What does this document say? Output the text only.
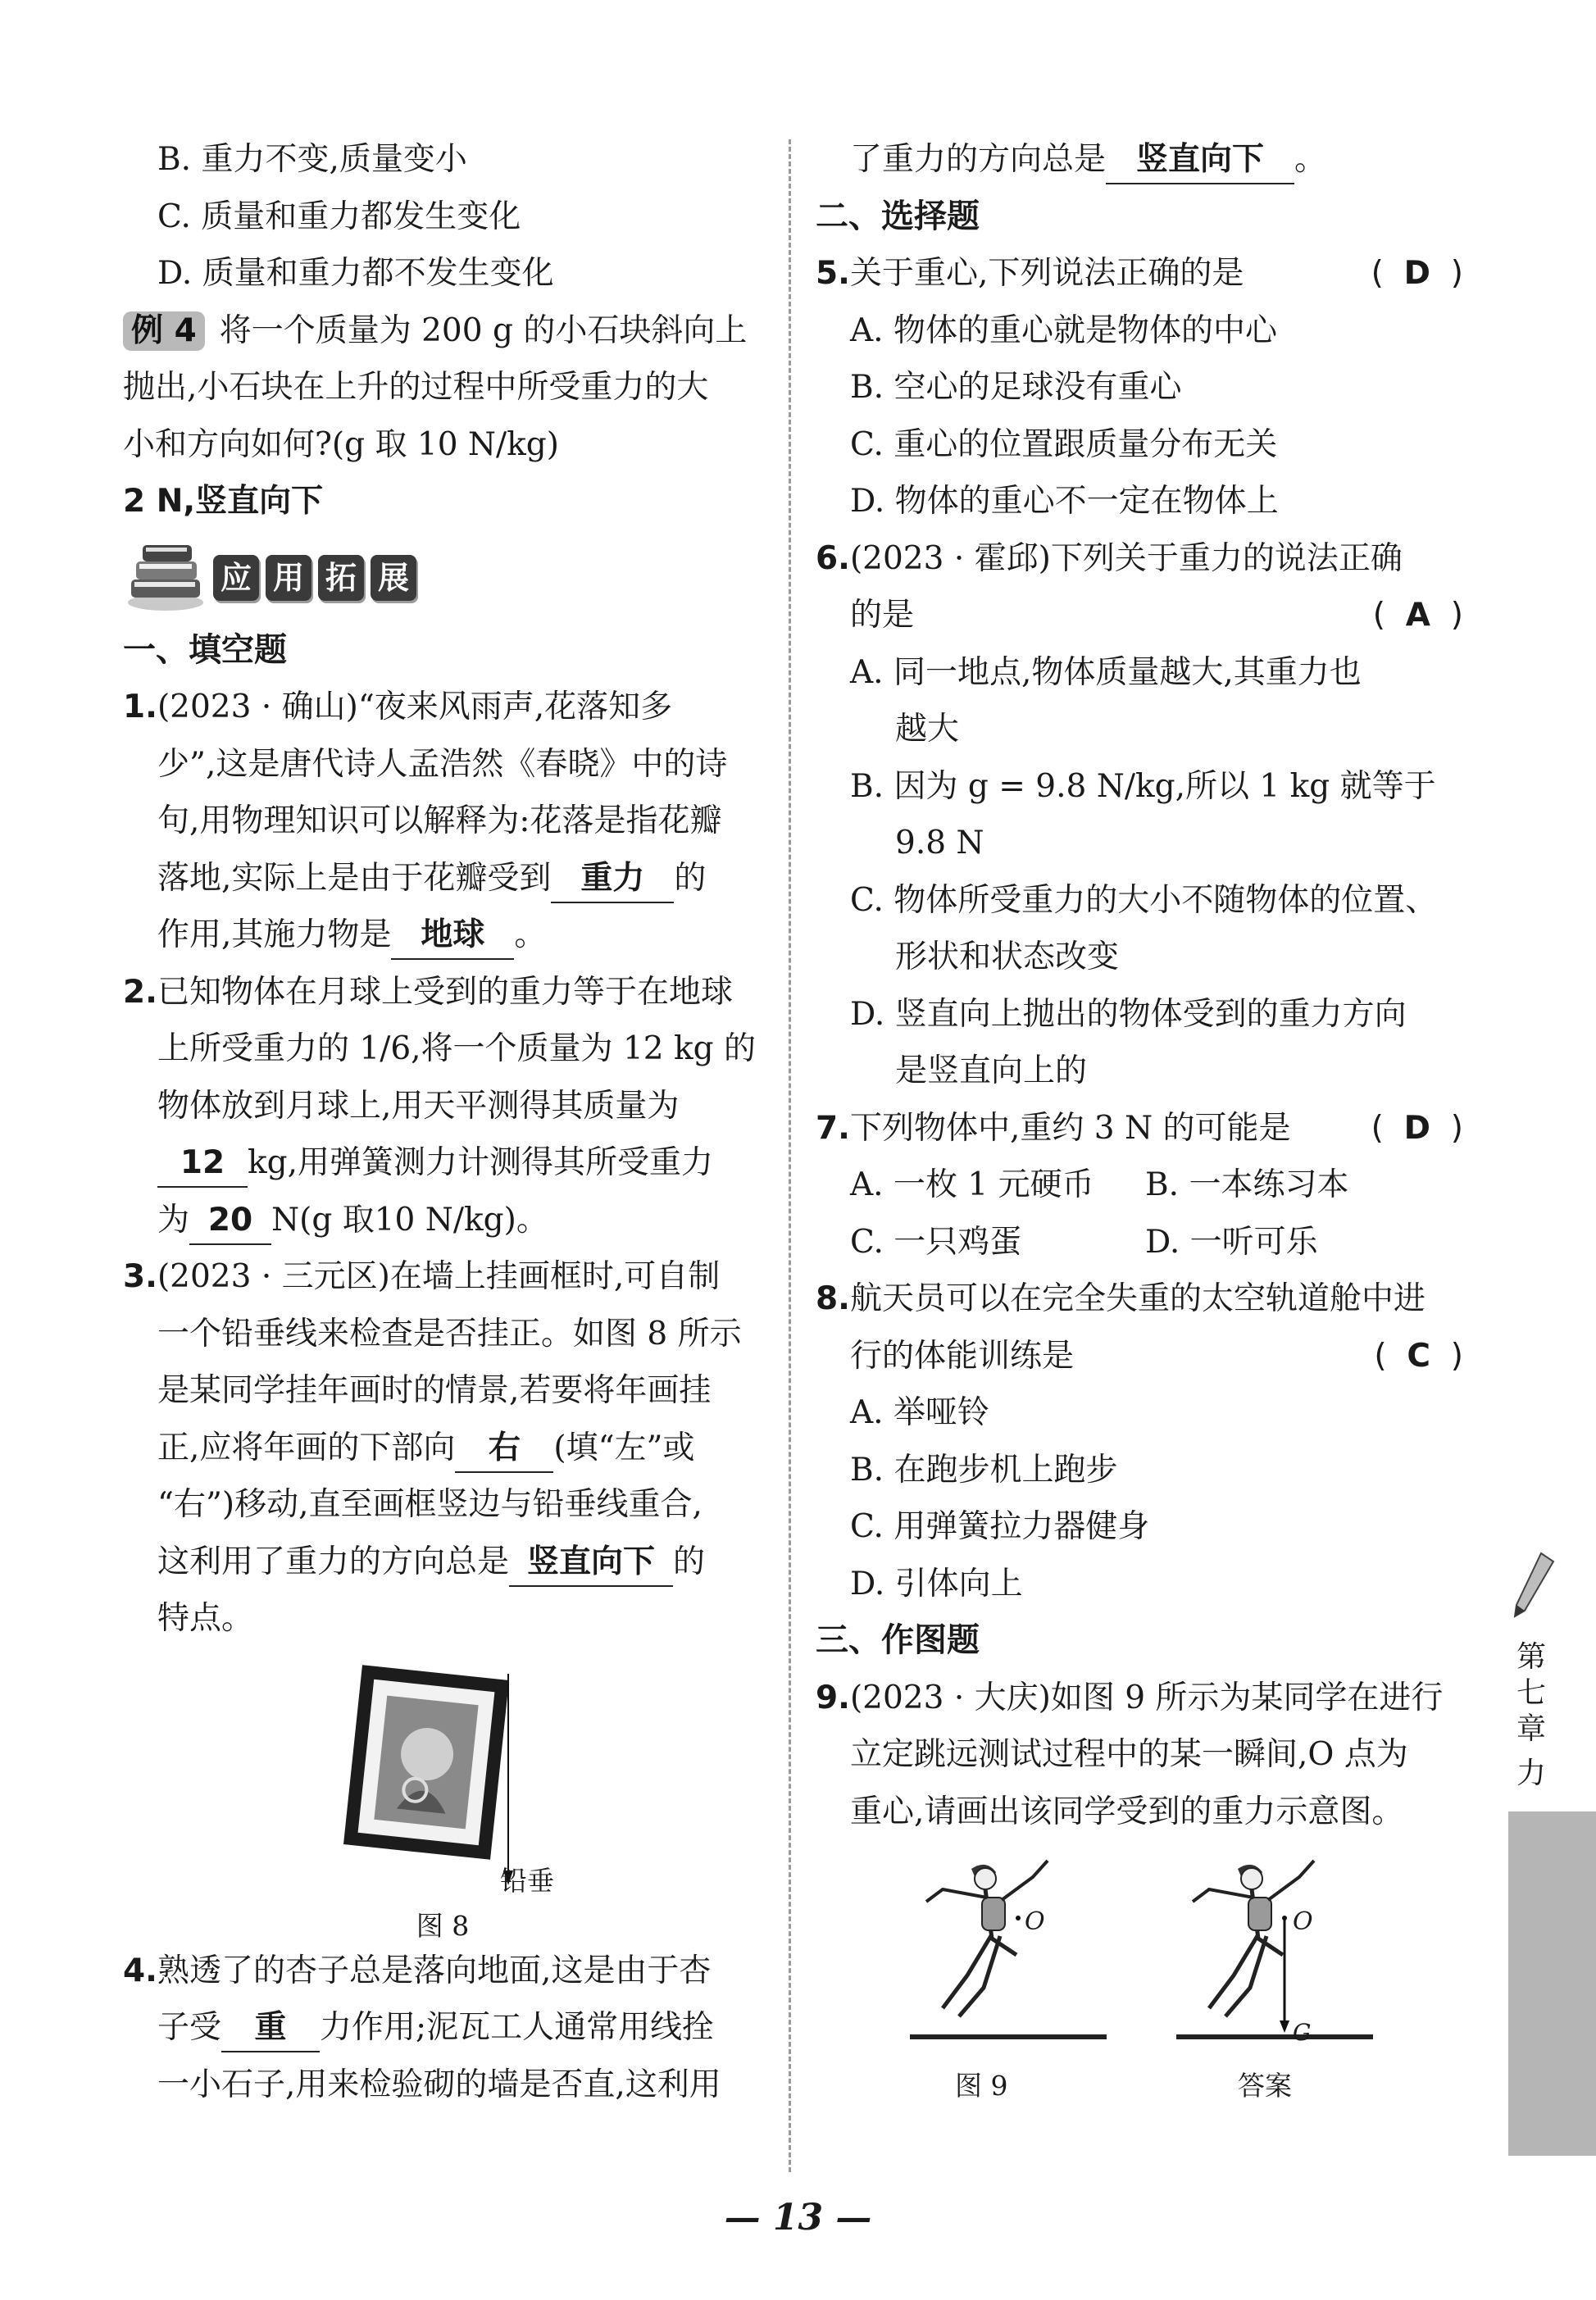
B. 重力不变,质量变小
C. 质量和重力都发生变化
D. 质量和重力都不发生变化
例 4 将一个质量为 200 g 的小石块斜向上
抛出,小石块在上升的过程中所受重力的大
小和方向如何?(g 取 10 N/kg)
2 N,竖直向下
应 用 拓 展
一、填空题
1.(2023 · 确山)“夜来风雨声,花落知多
少”,这是唐代诗人孟浩然《春晓》中的诗
句,用物理知识可以解释为:花落是指花瓣
落地,实际上是由于花瓣受到 重力 的
作用,其施力物是 地球 。
2.已知物体在月球上受到的重力等于在地球
上所受重力的 1/6,将一个质量为 12 kg 的
物体放到月球上,用天平测得其质量为
12 kg,用弹簧测力计测得其所受重力
为 20 N(g 取10 N/kg)。
3.(2023 · 三元区)在墙上挂画框时,可自制
一个铅垂线来检查是否挂正。如图 8 所示
是某同学挂年画时的情景,若要将年画挂
正,应将年画的下部向 右 (填“左”或
“右”)移动,直至画框竖边与铅垂线重合,
这利用了重力的方向总是 竖直向下 的
特点。
铅垂
图 8
4.熟透了的杏子总是落向地面,这是由于杏
子受 重 力作用;泥瓦工人通常用线拴
一小石子,用来检验砌的墙是否直,这利用
了重力的方向总是 竖直向下 。
二、选择题
5.关于重心,下列说法正确的是	(  D  )
A. 物体的重心就是物体的中心
B. 空心的足球没有重心
C. 重心的位置跟质量分布无关
D. 物体的重心不一定在物体上
6.(2023 · 霍邱)下列关于重力的说法正确
的是	(  A  )
A. 同一地点,物体质量越大,其重力也
越大
B. 因为 g = 9.8 N/kg,所以 1 kg 就等于
9.8 N
C. 物体所受重力的大小不随物体的位置、
形状和状态改变
D. 竖直向上抛出的物体受到的重力方向
是竖直向上的
7.下列物体中,重约 3 N 的可能是	(  D  )
A. 一枚 1 元硬币 B. 一本练习本
C. 一只鸡蛋	D. 一听可乐
8.航天员可以在完全失重的太空轨道舱中进
行的体能训练是	(  C  )
A. 举哑铃
B. 在跑步机上跑步
C. 用弹簧拉力器健身
D. 引体向上
三、作图题
9.(2023 · 大庆)如图 9 所示为某同学在进行
立定跳远测试过程中的某一瞬间,O 点为
重心,请画出该同学受到的重力示意图。
O
图 9
O
G
答案
第
七
章
力
— 13 —
